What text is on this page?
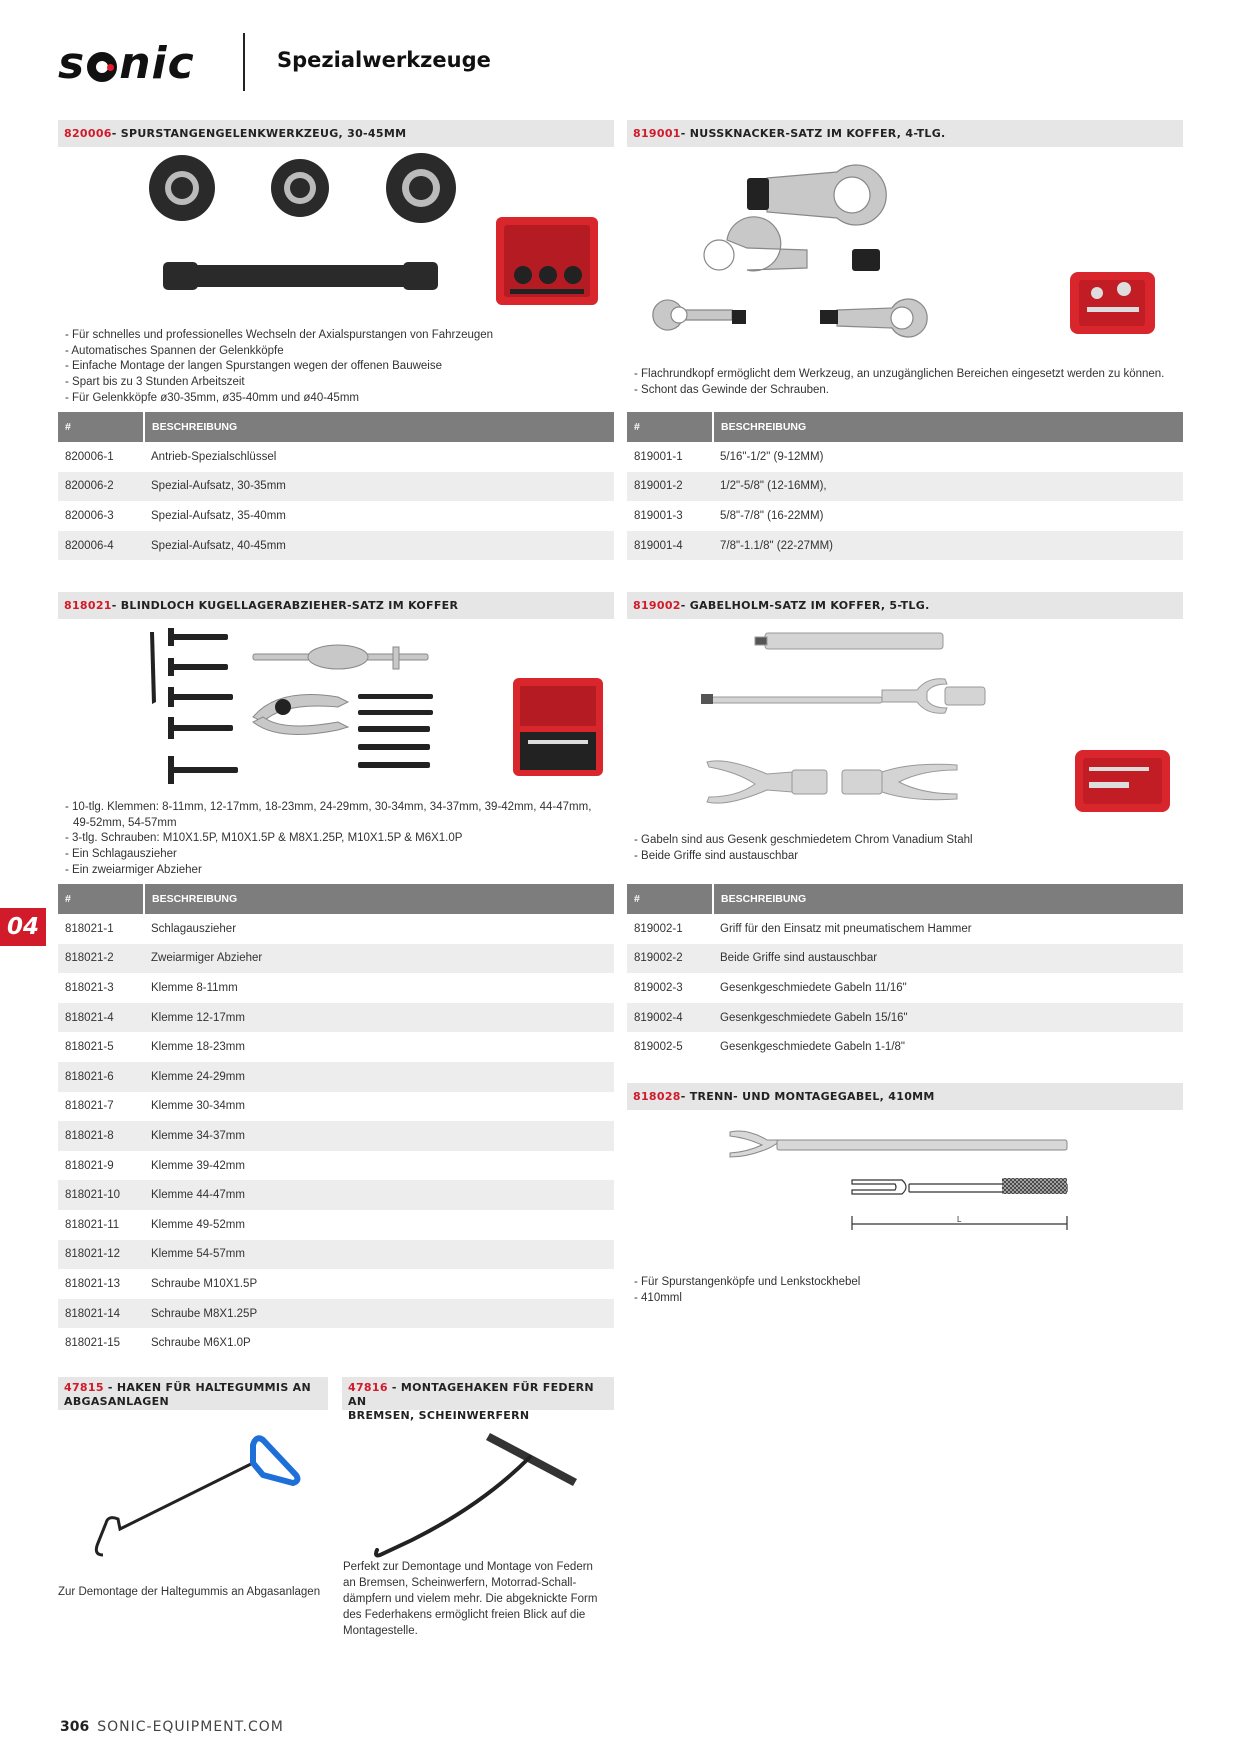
s nic	Spezialwerkzeuge
820006 - SPURSTANGENGELENKWERKZEUG, 30-45MM
- Für schnelles und professionelles Wechseln der Axialspurstangen von Fahrzeugen
- Automatisches Spannen der Gelenkköpfe
- Einfache Montage der langen Spurstangen wegen der offenen Bauweise
- Spart bis zu 3 Stunden Arbeitszeit
- Für Gelenkköpfe ø30-35mm, ø35-40mm und ø40-45mm
#	BESCHREIBUNG
820006-1	Antrieb-Spezialschlüssel
820006-2	Spezial-Aufsatz, 30-35mm
820006-3	Spezial-Aufsatz, 35-40mm
820006-4	Spezial-Aufsatz, 40-45mm
819001 - NUSSKNACKER-SATZ IM KOFFER, 4-TLG.
- Flachrundkopf ermöglicht dem Werkzeug, an unzugänglichen Bereichen eingesetzt werden zu können.
- Schont das Gewinde der Schrauben.
#	BESCHREIBUNG
819001-1	5/16"-1/2" (9-12MM)
819001-2	1/2"-5/8" (12-16MM),
819001-3	5/8"-7/8" (16-22MM)
819001-4	7/8"-1.1/8" (22-27MM)
818021 - BLINDLOCH KUGELLAGERABZIEHER-SATZ IM KOFFER
- 10-tlg. Klemmen: 8-11mm, 12-17mm, 18-23mm, 24-29mm, 30-34mm, 34-37mm, 39-42mm, 44-47mm,
49-52mm, 54-57mm
- 3-tlg. Schrauben: M10X1.5P, M10X1.5P & M8X1.25P, M10X1.5P & M6X1.0P
- Ein Schlagauszieher
- Ein zweiarmiger Abzieher
#	BESCHREIBUNG
818021-1	Schlagauszieher
818021-2	Zweiarmiger Abzieher
818021-3	Klemme 8-11mm
818021-4	Klemme 12-17mm
818021-5	Klemme 18-23mm
818021-6	Klemme 24-29mm
818021-7	Klemme 30-34mm
818021-8	Klemme 34-37mm
818021-9	Klemme 39-42mm
818021-10	Klemme 44-47mm
818021-11	Klemme 49-52mm
818021-12	Klemme 54-57mm
818021-13	Schraube M10X1.5P
818021-14	Schraube M8X1.25P
818021-15	Schraube M6X1.0P
819002 - GABELHOLM-SATZ IM KOFFER, 5-TLG.
- Gabeln sind aus Gesenk geschmiedetem Chrom Vanadium Stahl
- Beide Griffe sind austauschbar
#	BESCHREIBUNG
819002-1	Griff für den Einsatz mit pneumatischem Hammer
819002-2	Beide Griffe sind austauschbar
819002-3	Gesenkgeschmiedete Gabeln 11/16"
819002-4	Gesenkgeschmiedete Gabeln 15/16"
819002-5	Gesenkgeschmiedete Gabeln 1-1/8"
818028 - TRENN- UND MONTAGEGABEL, 410MM
L
- Für Spurstangenköpfe und Lenkstockhebel
- 410mml
47815 - HAKEN FÜR HALTEGUMMIS AN
ABGASANLAGEN
Zur Demontage der Haltegummis an Abgasanlagen
47816 - MONTAGEHAKEN FÜR FEDERN AN
BREMSEN, SCHEINWERFERN
Perfekt zur Demontage und Montage von Federn
an Bremsen, Scheinwerfern, Motorrad-Schall-
dämpfern und vielem mehr. Die abgeknickte Form
des Federhakens ermöglicht freien Blick auf die
Montagestelle.
04
306 SONIC-EQUIPMENT.COM
